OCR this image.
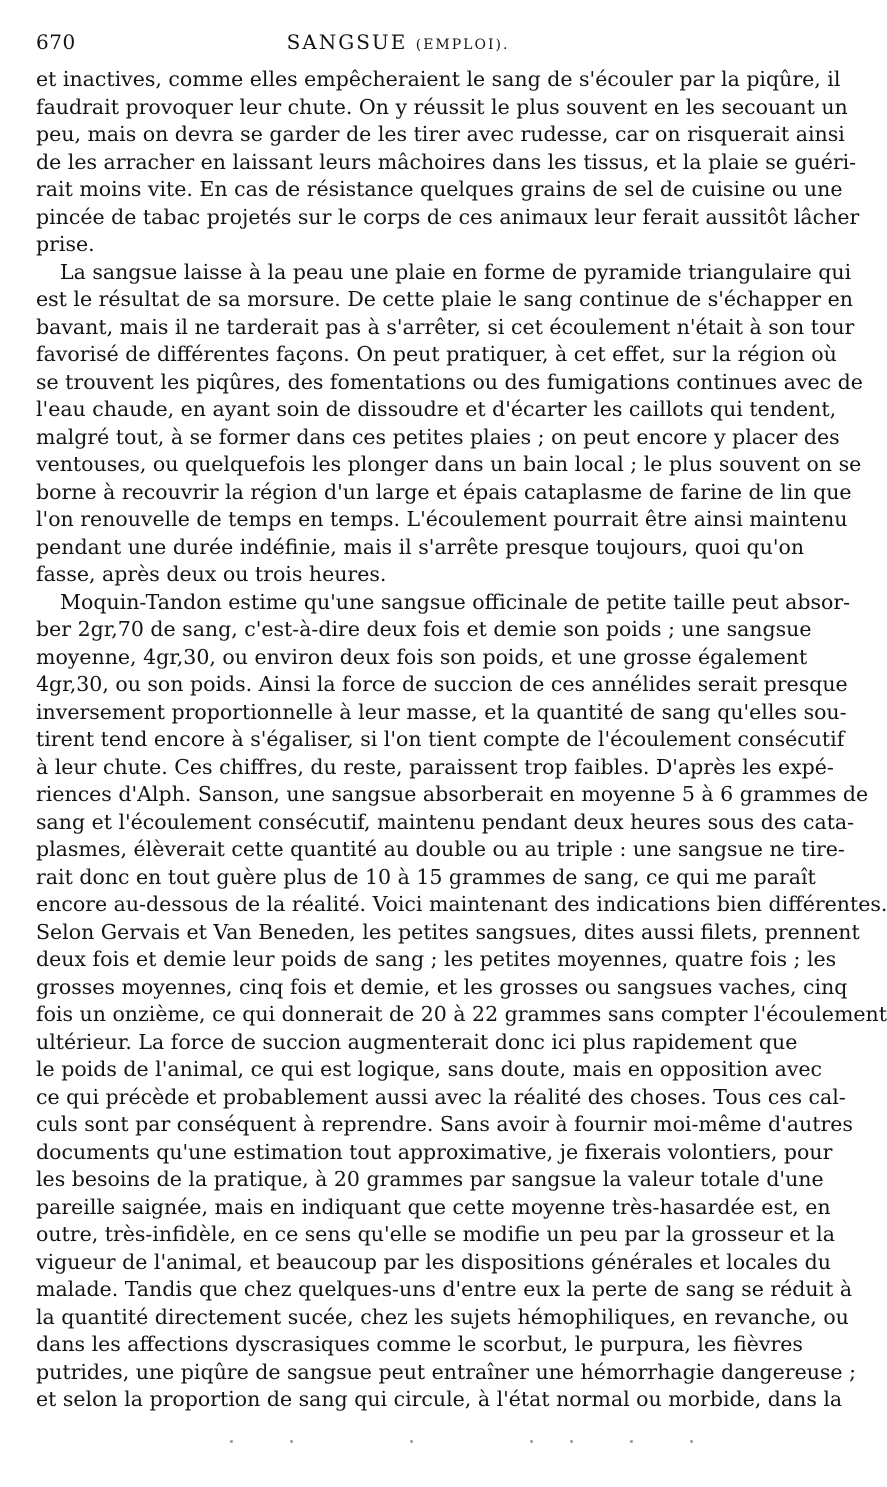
670	SANGSUE (EMPLOI).
et inactives, comme elles empêcheraient le sang de s'écouler par la piqûre, il
faudrait provoquer leur chute. On y réussit le plus souvent en les secouant un
peu, mais on devra se garder de les tirer avec rudesse, car on risquerait ainsi
de les arracher en laissant leurs mâchoires dans les tissus, et la plaie se guéri-
rait moins vite. En cas de résistance quelques grains de sel de cuisine ou une
pincée de tabac projetés sur le corps de ces animaux leur ferait aussitôt lâcher
prise.
La sangsue laisse à la peau une plaie en forme de pyramide triangulaire qui
est le résultat de sa morsure. De cette plaie le sang continue de s'échapper en
bavant, mais il ne tarderait pas à s'arrêter, si cet écoulement n'était à son tour
favorisé de différentes façons. On peut pratiquer, à cet effet, sur la région où
se trouvent les piqûres, des fomentations ou des fumigations continues avec de
l'eau chaude, en ayant soin de dissoudre et d'écarter les caillots qui tendent,
malgré tout, à se former dans ces petites plaies ; on peut encore y placer des
ventouses, ou quelquefois les plonger dans un bain local ; le plus souvent on se
borne à recouvrir la région d'un large et épais cataplasme de farine de lin que
l'on renouvelle de temps en temps. L'écoulement pourrait être ainsi maintenu
pendant une durée indéfinie, mais il s'arrête presque toujours, quoi qu'on
fasse, après deux ou trois heures.
Moquin-Tandon estime qu'une sangsue officinale de petite taille peut absor-
ber 2gr,70 de sang, c'est-à-dire deux fois et demie son poids ; une sangsue
moyenne, 4gr,30, ou environ deux fois son poids, et une grosse également
4gr,30, ou son poids. Ainsi la force de succion de ces annélides serait presque
inversement proportionnelle à leur masse, et la quantité de sang qu'elles sou-
tirent tend encore à s'égaliser, si l'on tient compte de l'écoulement consécutif
à leur chute. Ces chiffres, du reste, paraissent trop faibles. D'après les expé-
riences d'Alph. Sanson, une sangsue absorberait en moyenne 5 à 6 grammes de
sang et l'écoulement consécutif, maintenu pendant deux heures sous des cata-
plasmes, élèverait cette quantité au double ou au triple : une sangsue ne tire-
rait donc en tout guère plus de 10 à 15 grammes de sang, ce qui me paraît
encore au-dessous de la réalité. Voici maintenant des indications bien différentes.
Selon Gervais et Van Beneden, les petites sangsues, dites aussi filets, prennent
deux fois et demie leur poids de sang ; les petites moyennes, quatre fois ; les
grosses moyennes, cinq fois et demie, et les grosses ou sangsues vaches, cinq
fois un onzième, ce qui donnerait de 20 à 22 grammes sans compter l'écoulement
ultérieur. La force de succion augmenterait donc ici plus rapidement que
le poids de l'animal, ce qui est logique, sans doute, mais en opposition avec
ce qui précède et probablement aussi avec la réalité des choses. Tous ces cal-
culs sont par conséquent à reprendre. Sans avoir à fournir moi-même d'autres
documents qu'une estimation tout approximative, je fixerais volontiers, pour
les besoins de la pratique, à 20 grammes par sangsue la valeur totale d'une
pareille saignée, mais en indiquant que cette moyenne très-hasardée est, en
outre, très-infidèle, en ce sens qu'elle se modifie un peu par la grosseur et la
vigueur de l'animal, et beaucoup par les dispositions générales et locales du
malade. Tandis que chez quelques-uns d'entre eux la perte de sang se réduit à
la quantité directement sucée, chez les sujets hémophiliques, en revanche, ou
dans les affections dyscrasiques comme le scorbut, le purpura, les fièvres
putrides, une piqûre de sangsue peut entraîner une hémorrhagie dangereuse ;
et selon la proportion de sang qui circule, à l'état normal ou morbide, dans la
